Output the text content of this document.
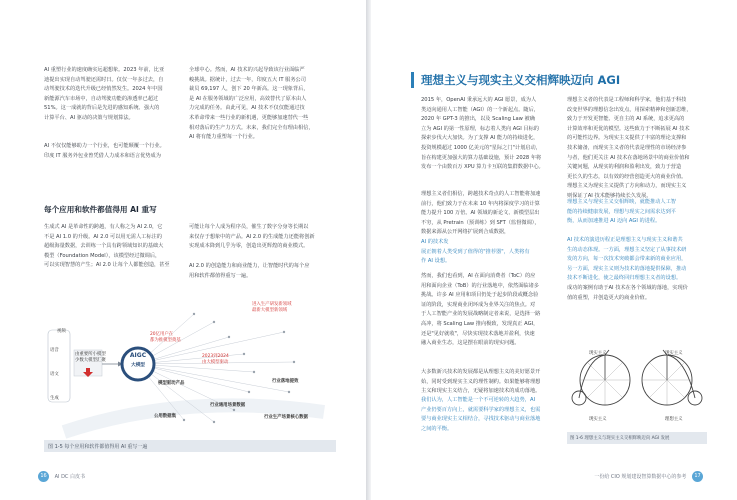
AI 重塑行业的速度确实远超想象。2023 年前，比亚
迪提出实现自动驾驶还需时日。仅仅一年多过去，自
动驾驶技术的迭代升级已经悄然发生。2024 年中国
新能源汽车市场中，自动驾驶功能的渗透率已超过
51%。这一成就的背后是先进的感知系统、强大的
计算平台、AI 驱动的决策与规划算法。
AI 不仅仅能够助力一个行业，也可能颠覆一个行业。
印度 IT 服务外包业曾凭借人力成本和语言优势成为
全球中心。然而，AI 技术的兴起导致该行业面临严
峻挑战。据统计，过去一年，印度五大 IT 服务公司
裁员 69,197 人，创下 20 年新高。这一现象背后，
是 AI 在服务领域的广泛应用，高效替代了原本由人
力完成的任务。由此可见，AI 技术不仅仅能通过技
术革命带来一些行业的新机遇，更能够加速替代一些
相对落后的生产力方式。未来，我们完全有理由相信，
AI 将有能力重塑每一个行业。
每个应用和软件都值得用 AI 重写
生成式 AI 是革命性的跨越，有人称之为 AI 2.0，它
不是 AI 1.0 的升级。AI 2.0 可以用无需人工标注的
超级海量数据，去训练一个具有跨领域知识的基础大
模型（Foundation Model），该模型经过微调后，
可以实现智慧的产生；AI 2.0 让每个人都能创造，甚至
可能让每个人成为程序员，催生了数字分身等长期以
来仅存于想象中的产品。AI 2.0 的生成能力还能将创新
实现成本降到几乎为零，创造出更辉煌的商业模式。
AI 2.0 的创造能力和商业能力，让智能时代的每个应
用和软件都值得重写一遍。
视频
语音
语文
生成
由重要所小模型
少数大模型汇聚
AIGC
大模型
进入生产研发新领域
最新大模型新领域
20亿用户在
都为推模型奠基
2023到2024
由大模型驱动
模型驱动产品	行业落地提效
行业通用场景数据
公用数据集	行业生产场景核心数据
图 1-5 每个应用和软件都值得用 AI 重写一遍
16 AI DC 白皮书
理想主义与现实主义交相辉映迈向 AGI
2015 年，OpenAI 秉承远大的 AGI 愿景，成为人
类迈向通用人工智能（AGI）的一个新起点。随后，
2020 年 GPT-3 的推出，以及 Scaling Law 被确
立为 AGI 的第一性原理，标志着人类向 AGI 目标的
探索步伐大大加快。为了支撑 AI 能力的持续进化，
投资规模超过 1000 亿美元的"星际之门"计划启动，
旨在构建更加强大的算力基础设施，预计 2028 年将
发布一个由数百万 XPU 算力卡互联的集群数据中心。
理想主义者们相信，跨越技术奇点的人工智能将加速
前行，他们致力于在未来 10 年内将深度学习的计算
能力提升 100 万倍。AI 领域的新论文、新模型层出
不穷，从 Pretrain（预训练）到 SFT（监督微调），
数据来源从公开网络扩展到合成数据，
AI 的技术发
展正朝着人类受到了值得的"推荐器"，人类将有
作 AI 设想。
然而，我们也看到，AI 在面向消费者（ToC）的应
用和面向企业（ToB）的行业落地中，依然面临诸多
挑战。许多 AI 应用和项目仍处于起步阶段或概念验
证的阶段，实现商业闭环成为业界关注的焦点。对
于人工智能产业的发展战略制定者来说，是选择一路
高冲，将 Scaling Law 推向极致，发现真正 AGI，
还是"见好就收"，尽快实现技术落地并盈利，快速
融入商业生态，这是摆在眼前的现实问题。
大多数新兴技术的发展都是从理想主义的美好愿景开
始，同时受到现实主义的理性制约。如果能够将理想
主义和现实主义结合，无疑将加速技术的成功落地。

我们认为，人工智能是一个不可逆转的大趋势，AI
产业仍要百方向上，就需要科学家的理想主义，也需
要与商业现实主义相结合，寻找技术驱动与商业落地
之间的平衡。
理想主义者的代表是工程师和科学家，他们基于科技
改变世界的理想信念出发点，用探索精神和创新思维，
致力于开发更智能、更自主的 AI 系统，追求更高的
计算效率和更优的模型。这些致力于不断拓展 AI 技术
的可能性边界。为现实主义提供了丰富的理论支撑和
技术储备，而现实主义者的代表是理性的市场经济参
与者，他们更关注 AI 技术在落地场景中的商业价值和
关键问题，从现实的利润和盈利出发，致力于营造
更长久的生态，以有效的经营创造更大的商业价值。
理想主义为现实主义提供了方向和动力，而现实主义
则保证了AI 技术能够持续长久发展。
理想主义与现实主义交相辉映，就能推动人工智
能的持续健康发展，理想与现实之间需求达到平
衡，从而加速推进 AI 迈向 AGI 的进程。
AI 技术的演进历程正是理想主义与现实主义和谐共
生的动态体现。一方面，理想主义坚定了从事技术研
发的方向，每一次技术突破都会带来新的商业应用，
另一方面，现实主义则为技术的落地提供保障，推动
技术不断进化，使之最终回归理想主义者的设想。
成功的案例有助于AI 技术在各个领域的落地，实现价
值的重塑，并创造更大的商业价值。
现实主义	现实主义
现实主义	理想主义
图 1-6 理想主义与现实主义交相辉映迈向 AGI 发展
一份给 CIO 规划建设智算数据中心的参考 17
